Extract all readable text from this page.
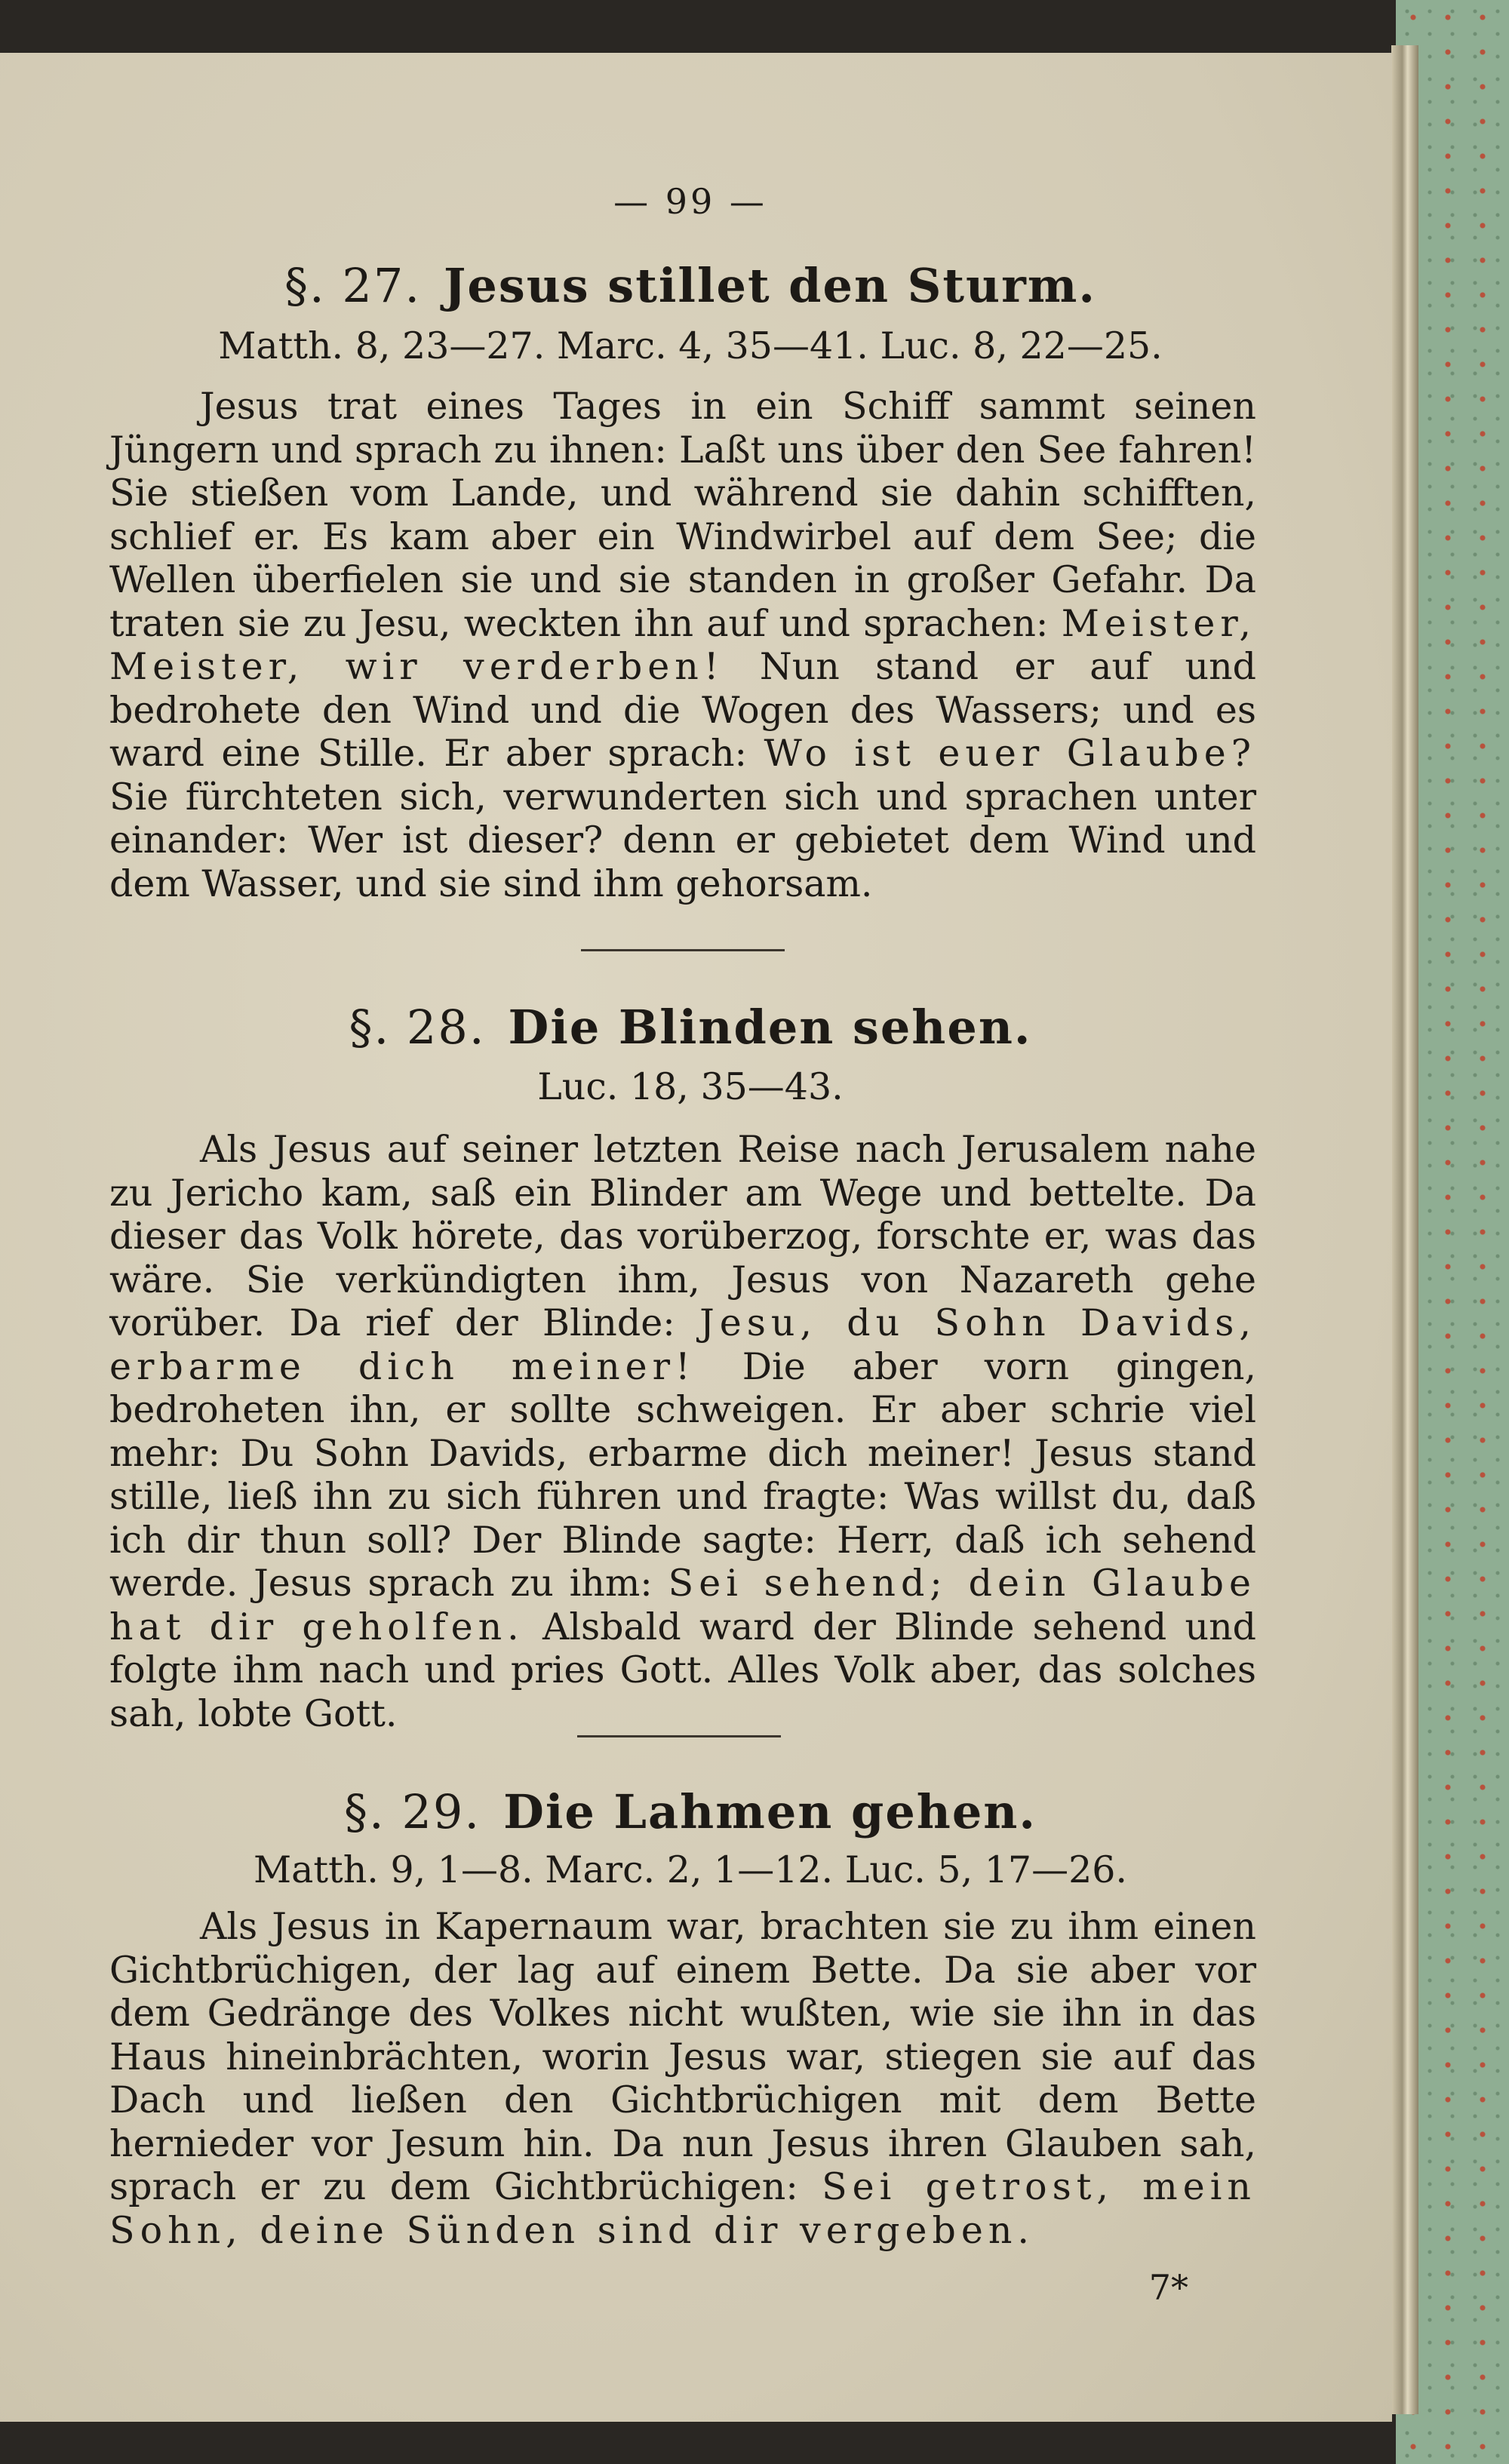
— 99 —
§. 27. Jesus stillet den Sturm.
Matth. 8, 23—27. Marc. 4, 35—41. Luc. 8, 22—25.
Jesus trat eines Tages in ein Schiff sammt seinen Jüngern und sprach zu ihnen: Laßt uns über den See fahren! Sie stießen vom Lande, und während sie dahin schifften, schlief er. Es kam aber ein Windwirbel auf dem See; die Wellen überfielen sie und sie standen in großer Gefahr. Da traten sie zu Jesu, weckten ihn auf und sprachen: Meister, Meister, wir verderben! Nun stand er auf und bedrohete den Wind und die Wogen des Wassers; und es ward eine Stille. Er aber sprach: Wo ist euer Glaube? Sie fürchteten sich, verwunderten sich und sprachen unter einander: Wer ist dieser? denn er gebietet dem Wind und dem Wasser, und sie sind ihm gehorsam.
§. 28. Die Blinden sehen.
Luc. 18, 35—43.
Als Jesus auf seiner letzten Reise nach Jerusalem nahe zu Jericho kam, saß ein Blinder am Wege und bettelte. Da dieser das Volk hörete, das vorüberzog, forschte er, was das wäre. Sie verkündigten ihm, Jesus von Nazareth gehe vorüber. Da rief der Blinde: Jesu, du Sohn Davids, erbarme dich meiner! Die aber vorn gingen, bedroheten ihn, er sollte schweigen. Er aber schrie viel mehr: Du Sohn Davids, erbarme dich meiner! Jesus stand stille, ließ ihn zu sich führen und fragte: Was willst du, daß ich dir thun soll? Der Blinde sagte: Herr, daß ich sehend werde. Jesus sprach zu ihm: Sei sehend; dein Glaube hat dir geholfen. Alsbald ward der Blinde sehend und folgte ihm nach und pries Gott. Alles Volk aber, das solches sah, lobte Gott.
§. 29. Die Lahmen gehen.
Matth. 9, 1—8. Marc. 2, 1—12. Luc. 5, 17—26.
Als Jesus in Kapernaum war, brachten sie zu ihm einen Gichtbrüchigen, der lag auf einem Bette. Da sie aber vor dem Gedränge des Volkes nicht wußten, wie sie ihn in das Haus hineinbrächten, worin Jesus war, stiegen sie auf das Dach und ließen den Gichtbrüchigen mit dem Bette hernieder vor Jesum hin. Da nun Jesus ihren Glauben sah, sprach er zu dem Gichtbrüchigen: Sei getrost, mein Sohn, deine Sünden sind dir vergeben.
7*
